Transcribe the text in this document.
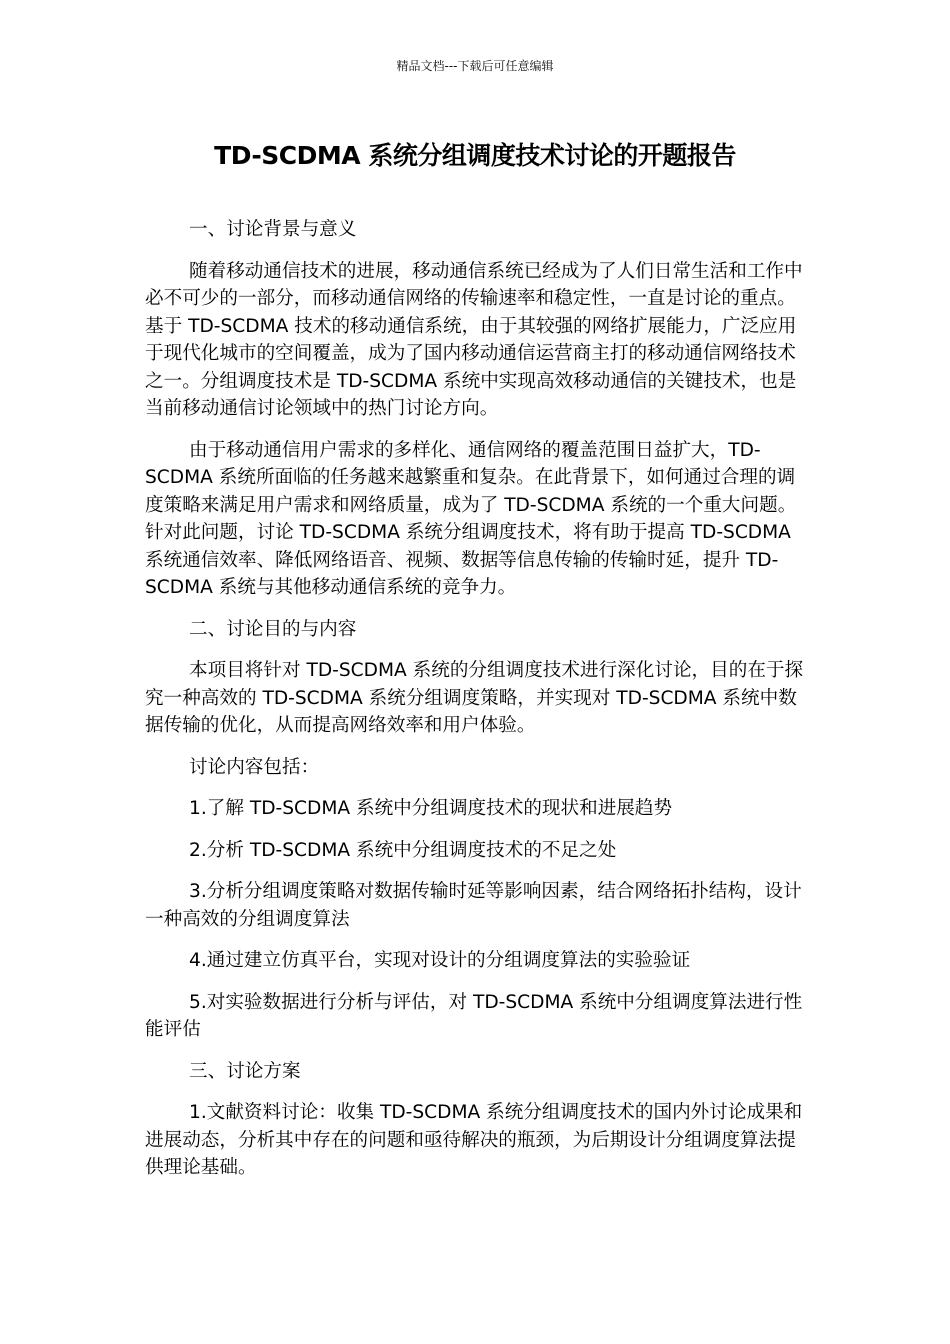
精品文档---下载后可任意编辑
TD-SCDMA 系统分组调度技术讨论的开题报告

一、讨论背景与意义

随着移动通信技术的进展，移动通信系统已经成为了人们日常生活和工作中必不可少的一部分，而移动通信网络的传输速率和稳定性，一直是讨论的重点。基于 TD-SCDMA 技术的移动通信系统，由于其较强的网络扩展能力，广泛应用于现代化城市的空间覆盖，成为了国内移动通信运营商主打的移动通信网络技术之一。分组调度技术是 TD-SCDMA 系统中实现高效移动通信的关键技术，也是当前移动通信讨论领域中的热门讨论方向。

由于移动通信用户需求的多样化、通信网络的覆盖范围日益扩大，TD-SCDMA 系统所面临的任务越来越繁重和复杂。在此背景下，如何通过合理的调度策略来满足用户需求和网络质量，成为了 TD-SCDMA 系统的一个重大问题。针对此问题，讨论 TD-SCDMA 系统分组调度技术，将有助于提高 TD-SCDMA 系统通信效率、降低网络语音、视频、数据等信息传输的传输时延，提升 TD-SCDMA 系统与其他移动通信系统的竞争力。

二、讨论目的与内容

本项目将针对 TD-SCDMA 系统的分组调度技术进行深化讨论，目的在于探究一种高效的 TD-SCDMA 系统分组调度策略，并实现对 TD-SCDMA 系统中数据传输的优化，从而提高网络效率和用户体验。

讨论内容包括：

1.了解 TD-SCDMA 系统中分组调度技术的现状和进展趋势

2.分析 TD-SCDMA 系统中分组调度技术的不足之处

3.分析分组调度策略对数据传输时延等影响因素，结合网络拓扑结构，设计一种高效的分组调度算法

4.通过建立仿真平台，实现对设计的分组调度算法的实验验证

5.对实验数据进行分析与评估，对 TD-SCDMA 系统中分组调度算法进行性能评估

三、讨论方案

1.文献资料讨论：收集 TD-SCDMA 系统分组调度技术的国内外讨论成果和进展动态，分析其中存在的问题和亟待解决的瓶颈，为后期设计分组调度算法提供理论基础。
